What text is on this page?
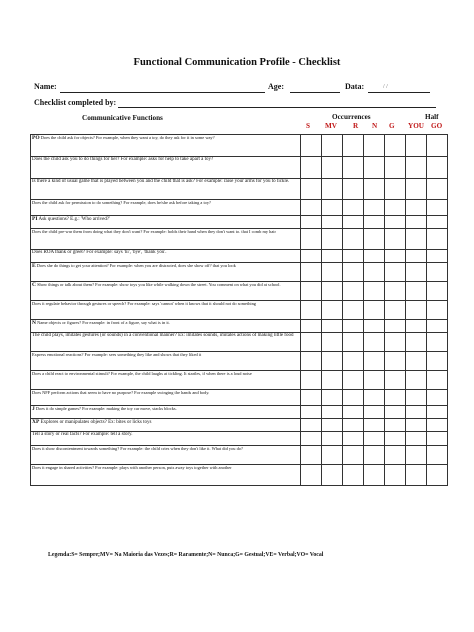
Functional Communication Profile - Checklist
Name:	Age:	Data:	/ /
Checklist completed by:
Communicative Functions	Occurrences	Half
S MV R N G YOU GO
PO Does the child ask for objects? For example, when they want a toy, do they ask for it in some way?							
Does the child ask you to do things for her? For example: asks for help to take apart a toy?							
Is there a kind of usual game that is played between you and the child that is ask? For example: raise your arms for you to tickle.							
Does the child ask for permission to do something? For example, does he/she ask before taking a toy?							
PI Ask questions? E.g.: 'Who arrived?'							
Does the child pre-war them from doing what they don't want? For example: holds their hand when they don't want to. that I comb my hair							
Does ROA thank or greet? For example: says 'hi', 'bye', 'thank you'.							
E Does she do things to get your attention? For example: when you are distracted, does she show off? that you look							
C Show things or talk about them? For example: show toys you like while walking down the street. You comment on what you did at school.							
Does it regulate behavior through gestures or speech? For example: says 'cannot' when it knows that it should not do something							
N Name objects or figures? For example: in front of a figure, say what is in it.							
The child plays, imitates gestures (or sounds) in a conventional manner? Ex: imitates sounds, imitates actions of making little food							
Express emotional reactions? For example: sees something they like and shows that they liked it							
Does a child react to environmental stimuli? For example, the child laughs at tickling. It startles, if when there is a loud noise							
Does NFF perform actions that seem to have no purpose? For example swinging the hands and body.							
J Does it do simple games? For example: making the toy car move, stacks blocks.							
XP Explores or manipulates objects? Ex: bites or licks toys							
Tell a story or real facts? For example: tell a story.							
Does it show discontentment towards something? For example: the child cries when they don't like it. What did you do?							
Does it engage in shared activities? For example: plays with another person, puts away toys together with another							
Legenda:S= Sempre;MV= Na Maioria das Vezes;R= Raramente;N= Nunca;G= Gestual;VE= Verbal;VO= Vocal
